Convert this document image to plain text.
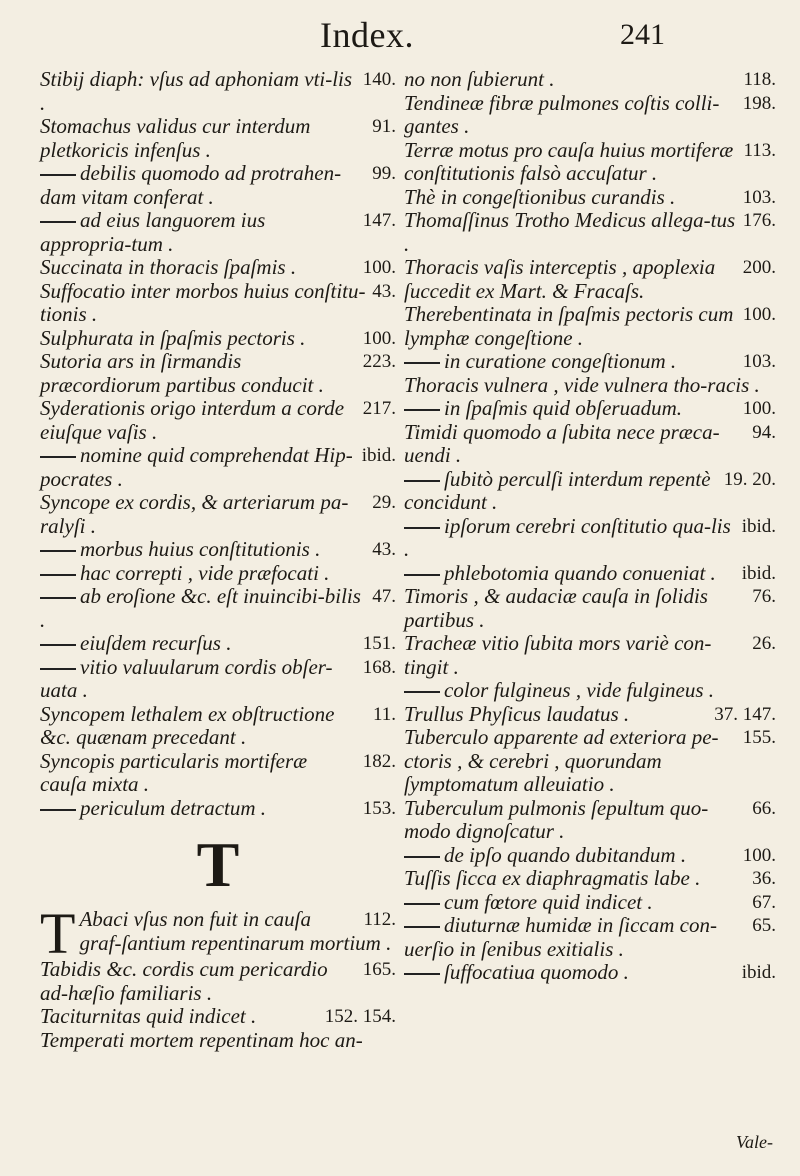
Index.	241

140.
Stibij diaph: vſus ad aphoniam vti-lis .

91.
Stomachus validus cur interdum pletkoricis infenſus .

99.
debilis quomodo ad protrahen-dam vitam conferat .

147.
ad eius languorem ius appropria-tum .

100.
Succinata in thoracis ſpaſmis .

43.
Suffocatio inter morbos huius conſtitu-tionis .

100.
Sulphurata in ſpaſmis pectoris .

223.
Sutoria ars in ſirmandis præcordiorum partibus conducit .

217.
Syderationis origo interdum a corde eiuſque vaſis .

ibid.
nomine quid comprehendat Hip-pocrates .

29.
Syncope ex cordis, & arteriarum pa-ralyſi .

43.
morbus huius conſtitutionis .

hac correpti , vide præfocati .

47.
ab eroſione &c. eſt inuincibi-bilis .

151.
eiuſdem recurſus .

168.
vitio valuularum cordis obſer-uata .

11.
Syncopem lethalem ex obſtructione &c. quænam precedant .

182.
Syncopis particularis mortiferæ cauſa mixta .

153.
periculum detractum .

T

T	112.
Abaci vſus non fuit in cauſa graf-ſantium repentinarum mortium .

165.
Tabidis &c. cordis cum pericardio ad-hæſio familiaris .

152. 154.
Taciturnitas quid indicet .

Temperati mortem repentinam hoc an-

118.
no non ſubierunt .

198.
Tendineæ fibræ pulmones coſtis colli-gantes .

113.
Terræ motus pro cauſa huius mortiferæ conſtitutionis falsò accuſatur .

103.
Thè in congeſtionibus curandis .

176.
Thomaſſinus Trotho Medicus allega-tus .

200.
Thoracis vaſis interceptis , apoplexia ſuccedit ex Mart. & Fracaſs.

100.
Therebentinata in ſpaſmis pectoris cum lymphæ congeſtione .

103.
in curatione congeſtionum .

Thoracis vulnera , vide vulnera tho-racis .

100.
in ſpaſmis quid obſeruadum.

94.
Timidi quomodo a ſubita nece præca-uendi .

19. 20.
ſubitò perculſi interdum repentè concidunt .

ibid.
ipſorum cerebri conſtitutio qua-lis .

ibid.
phlebotomia quando conueniat .

76.
Timoris , & audaciæ cauſa in ſolidis partibus .

26.
Tracheæ vitio ſubita mors variè con-tingit .

color fulgineus , vide fulgineus .

37. 147.
Trullus Phyſicus laudatus .

155.
Tuberculo apparente ad exteriora pe-ctoris , & cerebri , quorundam ſymptomatum alleuiatio .

66.
Tuberculum pulmonis ſepultum quo-modo dignoſcatur .

100.
de ipſo quando dubitandum .

36.
Tuſſis ſicca ex diaphragmatis labe .

67.
cum fœtore quid indicet .

65.
diuturnæ humidæ in ſiccam con-uerſio in ſenibus exitialis .

ibid.
ſuffocatiua quomodo .

Vale-
